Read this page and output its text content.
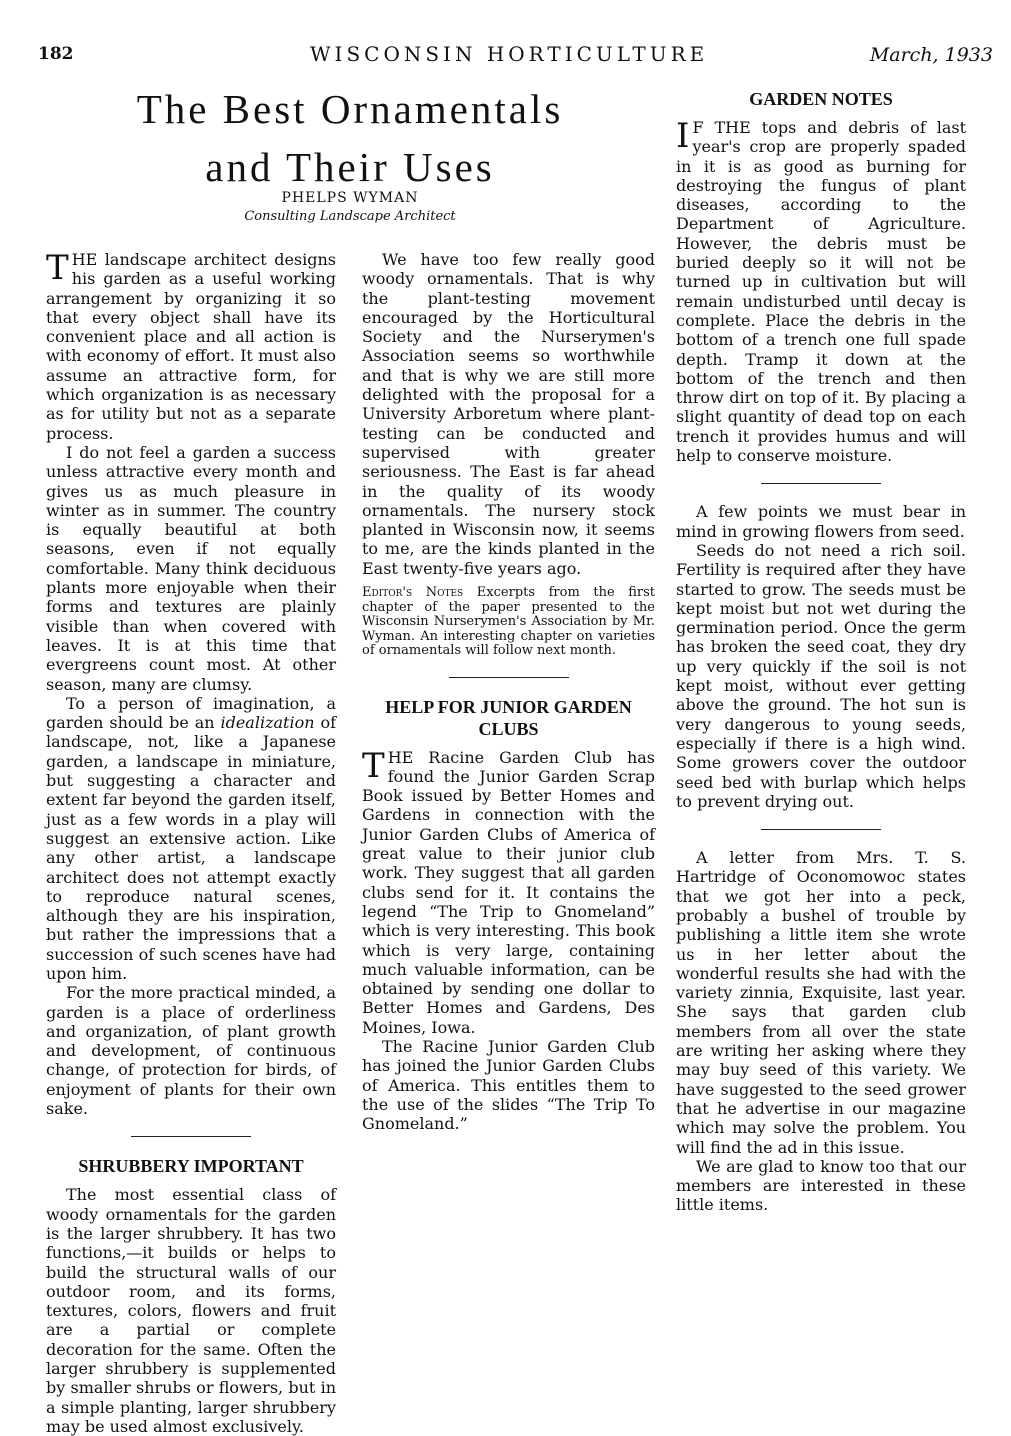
182	WISCONSIN HORTICULTURE	March, 1933
The Best Ornamentals
and Their Uses
PHELPS WYMAN
Consulting Landscape Architect

THE landscape architect designs his garden as a useful working arrangement by organizing it so that every object shall have its convenient place and all action is with economy of effort. It must also assume an attractive form, for which organization is as necessary as for utility but not as a separate process.

I do not feel a garden a success unless attractive every month and gives us as much pleasure in winter as in summer. The country is equally beautiful at both seasons, even if not equally comfortable. Many think deciduous plants more enjoyable when their forms and textures are plainly visible than when covered with leaves. It is at this time that evergreens count most. At other season, many are clumsy.

To a person of imagination, a garden should be an idealization of landscape, not, like a Japanese garden, a landscape in miniature, but suggesting a character and extent far beyond the garden itself, just as a few words in a play will suggest an extensive action. Like any other artist, a landscape architect does not attempt exactly to reproduce natural scenes, although they are his inspiration, but rather the impressions that a succession of such scenes have had upon him.

For the more practical minded, a garden is a place of orderliness and organization, of plant growth and development, of continuous change, of protection for birds, of enjoyment of plants for their own sake.

SHRUBBERY IMPORTANT

The most essential class of woody ornamentals for the garden is the larger shrubbery. It has two functions,—it builds or helps to build the structural walls of our outdoor room, and its forms, textures, colors, flowers and fruit are a partial or complete decoration for the same. Often the larger shrubbery is supplemented by smaller shrubs or flowers, but in a simple planting, larger shrubbery may be used almost exclusively.

We have too few really good woody ornamentals. That is why the plant-testing movement encouraged by the Horticultural Society and the Nurserymen's Association seems so worthwhile and that is why we are still more delighted with the proposal for a University Arboretum where plant-testing can be conducted and supervised with greater seriousness. The East is far ahead in the quality of its woody ornamentals. The nursery stock planted in Wisconsin now, it seems to me, are the kinds planted in the East twenty-five years ago.

Editor's Notes Excerpts from the first chapter of the paper presented to the Wisconsin Nurserymen's Association by Mr. Wyman. An interesting chapter on varieties of ornamentals will follow next month.

HELP FOR JUNIOR GARDEN CLUBS

THE Racine Garden Club has found the Junior Garden Scrap Book issued by Better Homes and Gardens in connection with the Junior Garden Clubs of America of great value to their junior club work. They suggest that all garden clubs send for it. It contains the legend “The Trip to Gnomeland” which is very interesting. This book which is very large, containing much valuable information, can be obtained by sending one dollar to Better Homes and Gardens, Des Moines, Iowa.

The Racine Junior Garden Club has joined the Junior Garden Clubs of America. This entitles them to the use of the slides “The Trip To Gnomeland.”

GARDEN NOTES

I F THE tops and debris of last year's crop are properly spaded in it is as good as burning for destroying the fungus of plant diseases, according to the Department of Agriculture. However, the debris must be buried deeply so it will not be turned up in cultivation but will remain undisturbed until decay is complete. Place the debris in the bottom of a trench one full spade depth. Tramp it down at the bottom of the trench and then throw dirt on top of it. By placing a slight quantity of dead top on each trench it provides humus and will help to conserve moisture.

A few points we must bear in mind in growing flowers from seed.

Seeds do not need a rich soil. Fertility is required after they have started to grow. The seeds must be kept moist but not wet during the germination period. Once the germ has broken the seed coat, they dry up very quickly if the soil is not kept moist, without ever getting above the ground. The hot sun is very dangerous to young seeds, especially if there is a high wind. Some growers cover the outdoor seed bed with burlap which helps to prevent drying out.

A letter from Mrs. T. S. Hartridge of Oconomowoc states that we got her into a peck, probably a bushel of trouble by publishing a little item she wrote us in her letter about the wonderful results she had with the variety zinnia, Exquisite, last year. She says that garden club members from all over the state are writing her asking where they may buy seed of this variety. We have suggested to the seed grower that he advertise in our magazine which may solve the problem. You will find the ad in this issue.

We are glad to know too that our members are interested in these little items.
